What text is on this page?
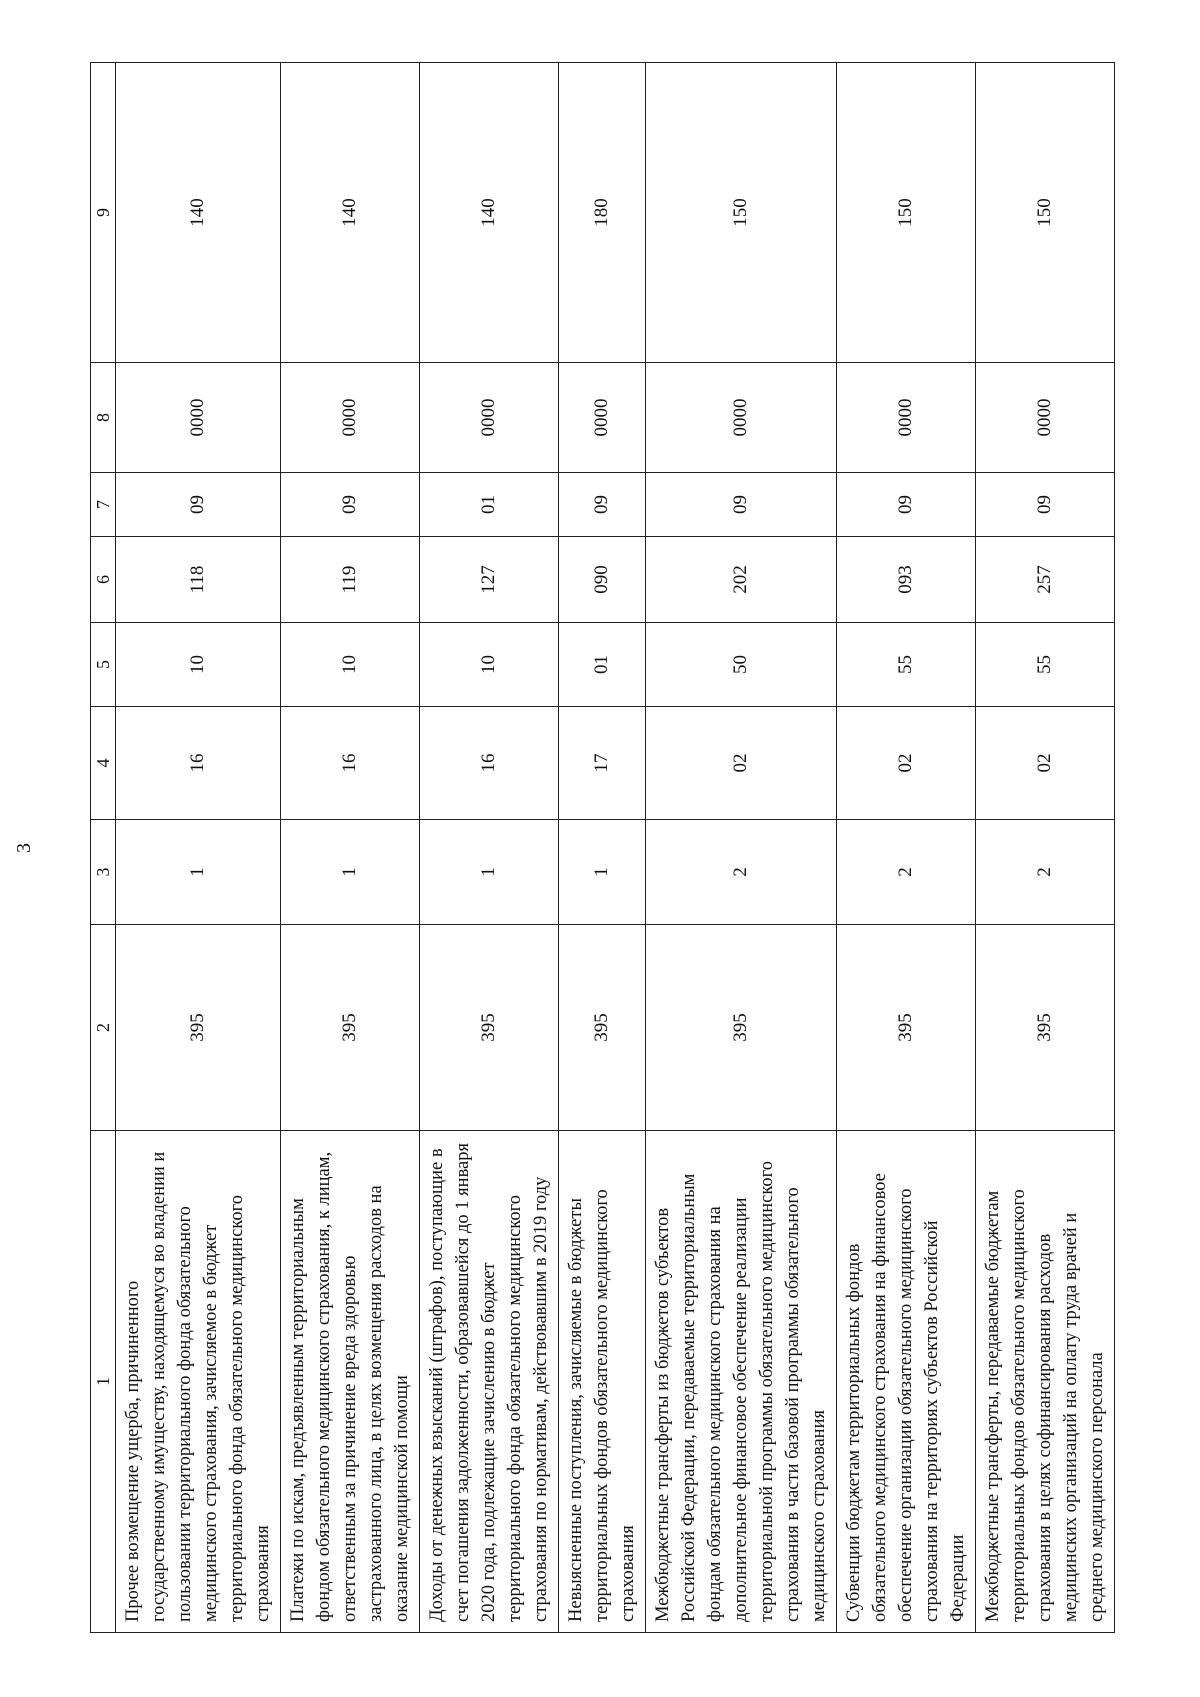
3
1	2	3	4	5	6	7	8	9
Прочее возмещение ущерба, причиненного государственному имуществу, находящемуся во владении и пользовании территориального фонда обязательного медицинского страхования, зачисляемое в бюджет территориального фонда обязательного медицинского страхования	395	1	16	10	118	09	0000	140
Платежи по искам, предъявленным территориальным фондом обязательного медицинского страхования, к лицам, ответственным за причинение вреда здоровью застрахованного лица, в целях возмещения расходов на оказание медицинской помощи	395	1	16	10	119	09	0000	140
Доходы от денежных взысканий (штрафов), поступающие в счет погашения задолженности, образовавшейся до 1 января 2020 года, подлежащие зачислению в бюджет территориального фонда обязательного медицинского страхования по нормативам, действовавшим в 2019 году	395	1	16	10	127	01	0000	140
Невыясненные поступления, зачисляемые в бюджеты территориальных фондов обязательного медицинского страхования	395	1	17	01	090	09	0000	180
Межбюджетные трансферты из бюджетов субъектов Российской Федерации, передаваемые территориальным фондам обязательного медицинского страхования на дополнительное финансовое обеспечение реализации территориальной программы обязательного медицинского страхования в части базовой программы обязательного медицинского страхования	395	2	02	50	202	09	0000	150
Субвенции бюджетам территориальных фондов обязательного медицинского страхования на финансовое обеспечение организации обязательного медицинского страхования на территориях субъектов Российской Федерации	395	2	02	55	093	09	0000	150
Межбюджетные трансферты, передаваемые бюджетам территориальных фондов обязательного медицинского страхования в целях софинансирования расходов медицинских организаций на оплату труда врачей и среднего медицинского персонала	395	2	02	55	257	09	0000	150
